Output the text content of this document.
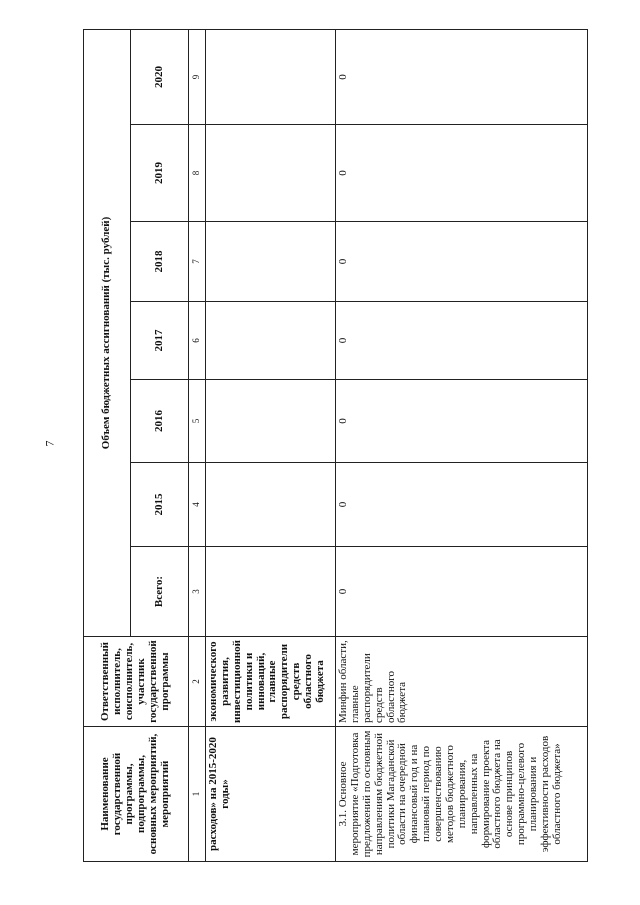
7
Наименование государственной программы, подпрограммы, основных мероприятий, мероприятий	Ответственный исполнитель, соисполнитель, участник государственной программы	Объем бюджетных ассигнований (тыс. рублей)						
		Всего:	2015	2016	2017	2018	2019	2020
1	2	3	4	5	6	7	8	9
расходов» на 2015-2020 годы»	экономического развития, инвестиционной политики и инноваций, главные распорядители средств областного бюджета							
3.1. Основное мероприятие «Подготовка предложений по основным направлениям бюджетной политики Магаданской области на очередной финансовый год и на плановый период по совершенствованию методов бюджетного планирования, направленных на формирование проекта областного бюджета на основе принципов программно-целевого планирования и эффективности расходов областного бюджета»	Минфин области, главные распорядители средств областного бюджета	0	0	0	0	0	0	0
